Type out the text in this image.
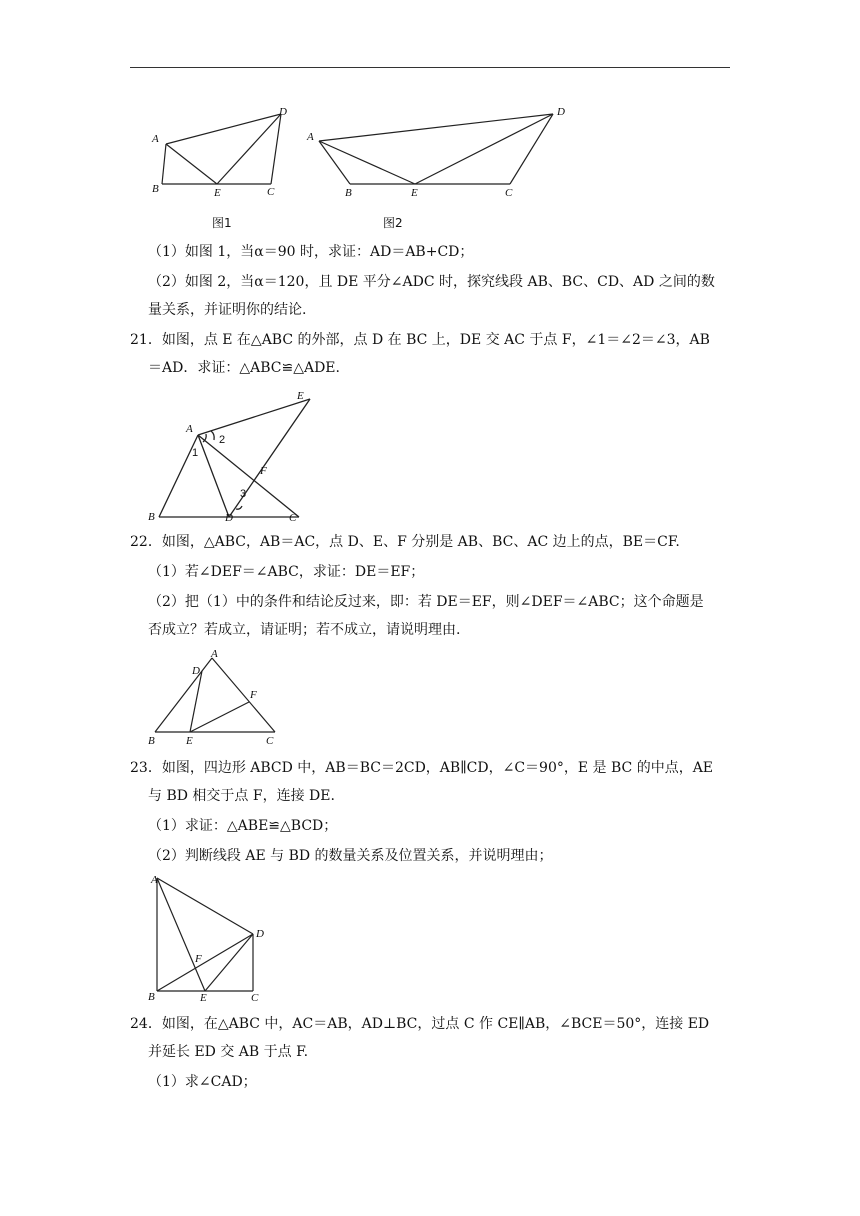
A
B	C
D
E
图1
A
B	C
D
E
图2
（1）如图 1，当α＝90 时，求证：AD＝AB+CD；
（2）如图 2，当α＝120，且 DE 平分∠ADC 时，探究线段 AB、BC、CD、AD 之间的数
量关系，并证明你的结论.
21．如图，点 E 在△ABC 的外部，点 D 在 BC 上，DE 交 AC 于点 F，∠1＝∠2＝∠3，AB
＝AD．求证：△ABC≌△ADE.
A
B	C
D
E
F
1
2
3
22．如图，△ABC，AB＝AC，点 D、E、F 分别是 AB、BC、AC 边上的点，BE＝CF.
（1）若∠DEF＝∠ABC，求证：DE＝EF；
（2）把（1）中的条件和结论反过来，即：若 DE＝EF，则∠DEF＝∠ABC；这个命题是
否成立？若成立，请证明；若不成立，请说明理由.
A
B	C
D
E
F
23．如图，四边形 ABCD 中，AB＝BC＝2CD，AB∥CD，∠C＝90°，E 是 BC 的中点，AE
与 BD 相交于点 F，连接 DE.
（1）求证：△ABE≌△BCD；
（2）判断线段 AE 与 BD 的数量关系及位置关系，并说明理由；
A
B	C
D
E
F
24．如图，在△ABC 中，AC＝AB，AD⊥BC，过点 C 作 CE∥AB，∠BCE＝50°，连接 ED
并延长 ED 交 AB 于点 F.
（1）求∠CAD；
